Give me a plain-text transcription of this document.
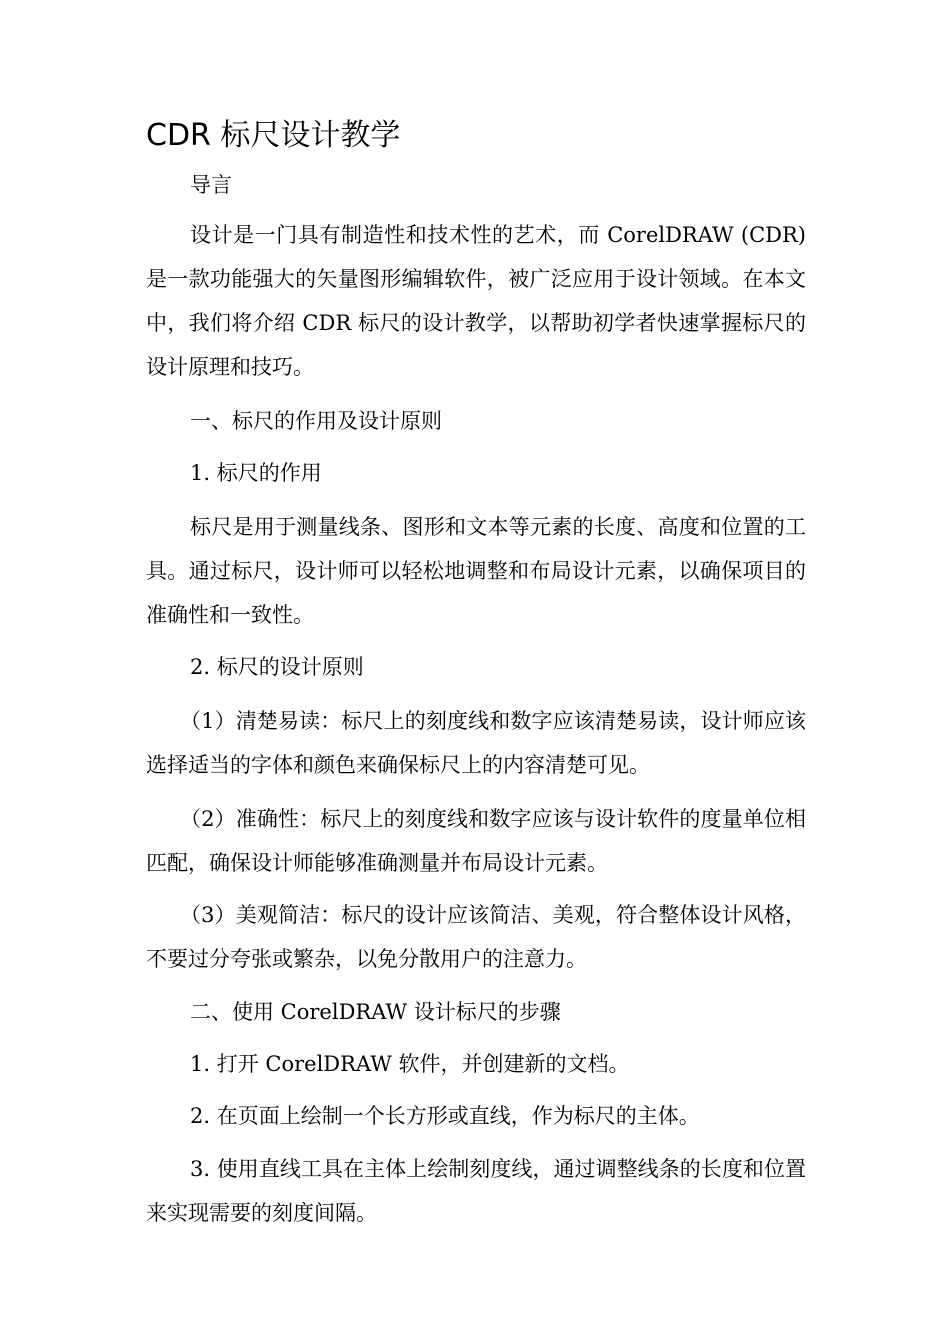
CDR 标尺设计教学

导言

设计是一门具有制造性和技术性的艺术，而 CorelDRAW (CDR) 是一款功能强大的矢量图形编辑软件，被广泛应用于设计领域。在本文中，我们将介绍 CDR 标尺的设计教学，以帮助初学者快速掌握标尺的设计原理和技巧。

一、标尺的作用及设计原则

1. 标尺的作用

标尺是用于测量线条、图形和文本等元素的长度、高度和位置的工具。通过标尺，设计师可以轻松地调整和布局设计元素，以确保项目的准确性和一致性。

2. 标尺的设计原则

（1）清楚易读：标尺上的刻度线和数字应该清楚易读，设计师应该选择适当的字体和颜色来确保标尺上的内容清楚可见。

（2）准确性：标尺上的刻度线和数字应该与设计软件的度量单位相匹配，确保设计师能够准确测量并布局设计元素。

（3）美观简洁：标尺的设计应该简洁、美观，符合整体设计风格，不要过分夸张或繁杂，以免分散用户的注意力。

二、使用 CorelDRAW 设计标尺的步骤

1. 打开 CorelDRAW 软件，并创建新的文档。

2. 在页面上绘制一个长方形或直线，作为标尺的主体。

3. 使用直线工具在主体上绘制刻度线，通过调整线条的长度和位置来实现需要的刻度间隔。
